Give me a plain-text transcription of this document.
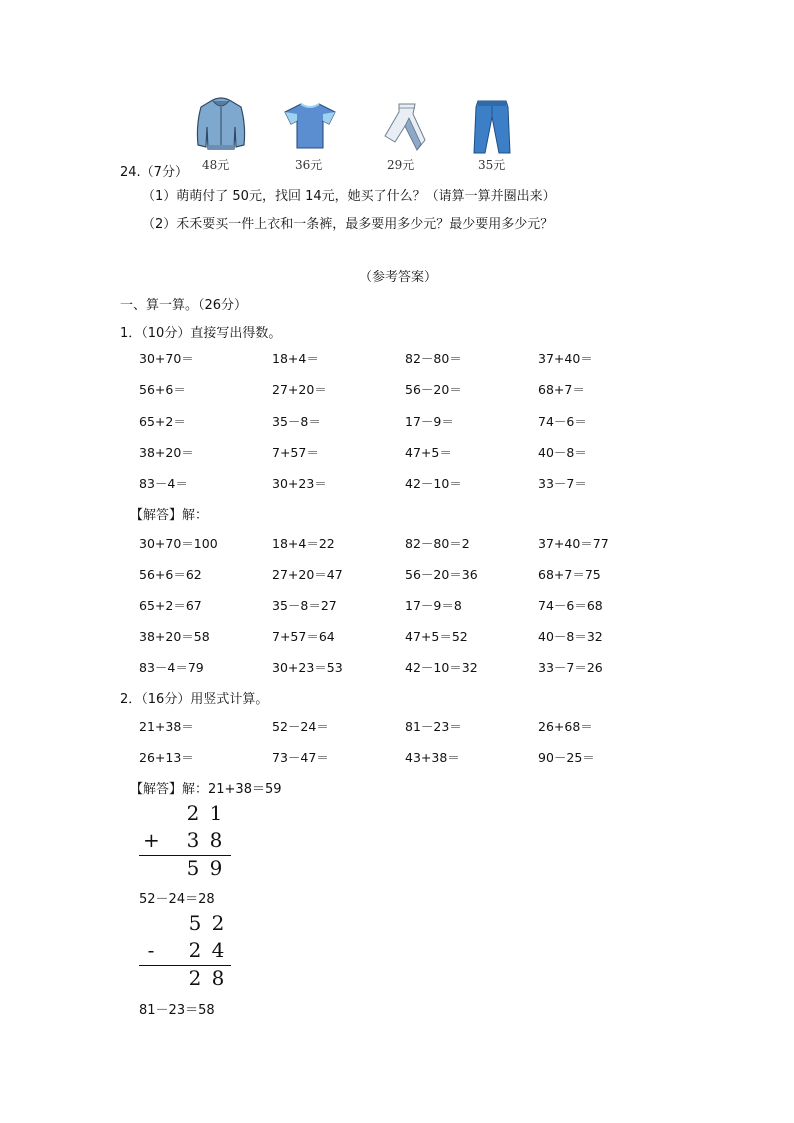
48元	36元	29元	35元
24.（7分）
（1）萌萌付了 50元，找回 14元，她买了什么？（请算一算并圈出来）
（2）禾禾要买一件上衣和一条裤，最多要用多少元？最少要用多少元？
（参考答案）
一、算一算。（26分）
1．（10分）直接写出得数。
30+70＝	18+4＝	82－80＝	37+40＝
56+6＝	27+20＝	56－20＝	68+7＝
65+2＝	35－8＝	17－9＝	74－6＝
38+20＝	7+57＝	47+5＝	40－8＝
83－4＝	30+23＝	42－10＝	33－7＝
【解答】解：
30+70＝100	18+4＝22	82－80＝2	37+40＝77
56+6＝62	27+20＝47	56－20＝36	68+7＝75
65+2＝67	35－8＝27	17－9＝8	74－6＝68
38+20＝58	7+57＝64	47+5＝52	40－8＝32
83－4＝79	30+23＝53	42－10＝32	33－7＝26
2．（16分）用竖式计算。
21+38＝	52－24＝	81－23＝	26+68＝
26+13＝	73－47＝	43+38＝	90－25＝
【解答】解：21+38＝59
2 1
+ 3 8
5 9
52－24＝28
5 2
- 2 4
2 8
81－23＝58
